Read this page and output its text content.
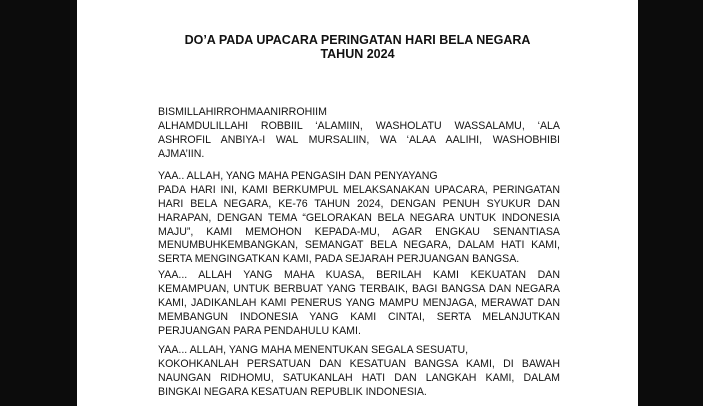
DO’A PADA UPACARA PERINGATAN HARI BELA NEGARA
TAHUN 2024
BISMILLAHIRROHMAANIRROHIIM
ALHAMDULILLAHI ROBBIIL ‘ALAMIIN, WASHOLATU WASSALAMU, ‘ALA
ASHROFIL ANBIYA-I WAL MURSALIIN, WA ‘ALAA AALIHI, WASHOBHIBI
AJMA’IIN.
YAA.. ALLAH, YANG MAHA PENGASIH DAN PENYAYANG
PADA HARI INI, KAMI BERKUMPUL MELAKSANAKAN UPACARA, PERINGATAN
HARI BELA NEGARA, KE-76 TAHUN 2024, DENGAN PENUH SYUKUR DAN
HARAPAN, DENGAN TEMA “GELORAKAN BELA NEGARA UNTUK INDONESIA
MAJU”, KAMI MEMOHON KEPADA-MU, AGAR ENGKAU SENANTIASA
MENUMBUHKEMBANGKAN, SEMANGAT BELA NEGARA, DALAM HATI KAMI,
SERTA MENGINGATKAN KAMI, PADA SEJARAH PERJUANGAN BANGSA.
YAA... ALLAH YANG MAHA KUASA, BERILAH KAMI KEKUATAN DAN
KEMAMPUAN, UNTUK BERBUAT YANG TERBAIK, BAGI BANGSA DAN NEGARA
KAMI, JADIKANLAH KAMI PENERUS YANG MAMPU MENJAGA, MERAWAT DAN
MEMBANGUN INDONESIA YANG KAMI CINTAI, SERTA MELANJUTKAN
PERJUANGAN PARA PENDAHULU KAMI.
YAA... ALLAH, YANG MAHA MENENTUKAN SEGALA SESUATU,
KOKOHKANLAH PERSATUAN DAN KESATUAN BANGSA KAMI, DI BAWAH
NAUNGAN RIDHOMU, SATUKANLAH HATI DAN LANGKAH KAMI, DALAM
BINGKAI NEGARA KESATUAN REPUBLIK INDONESIA.
